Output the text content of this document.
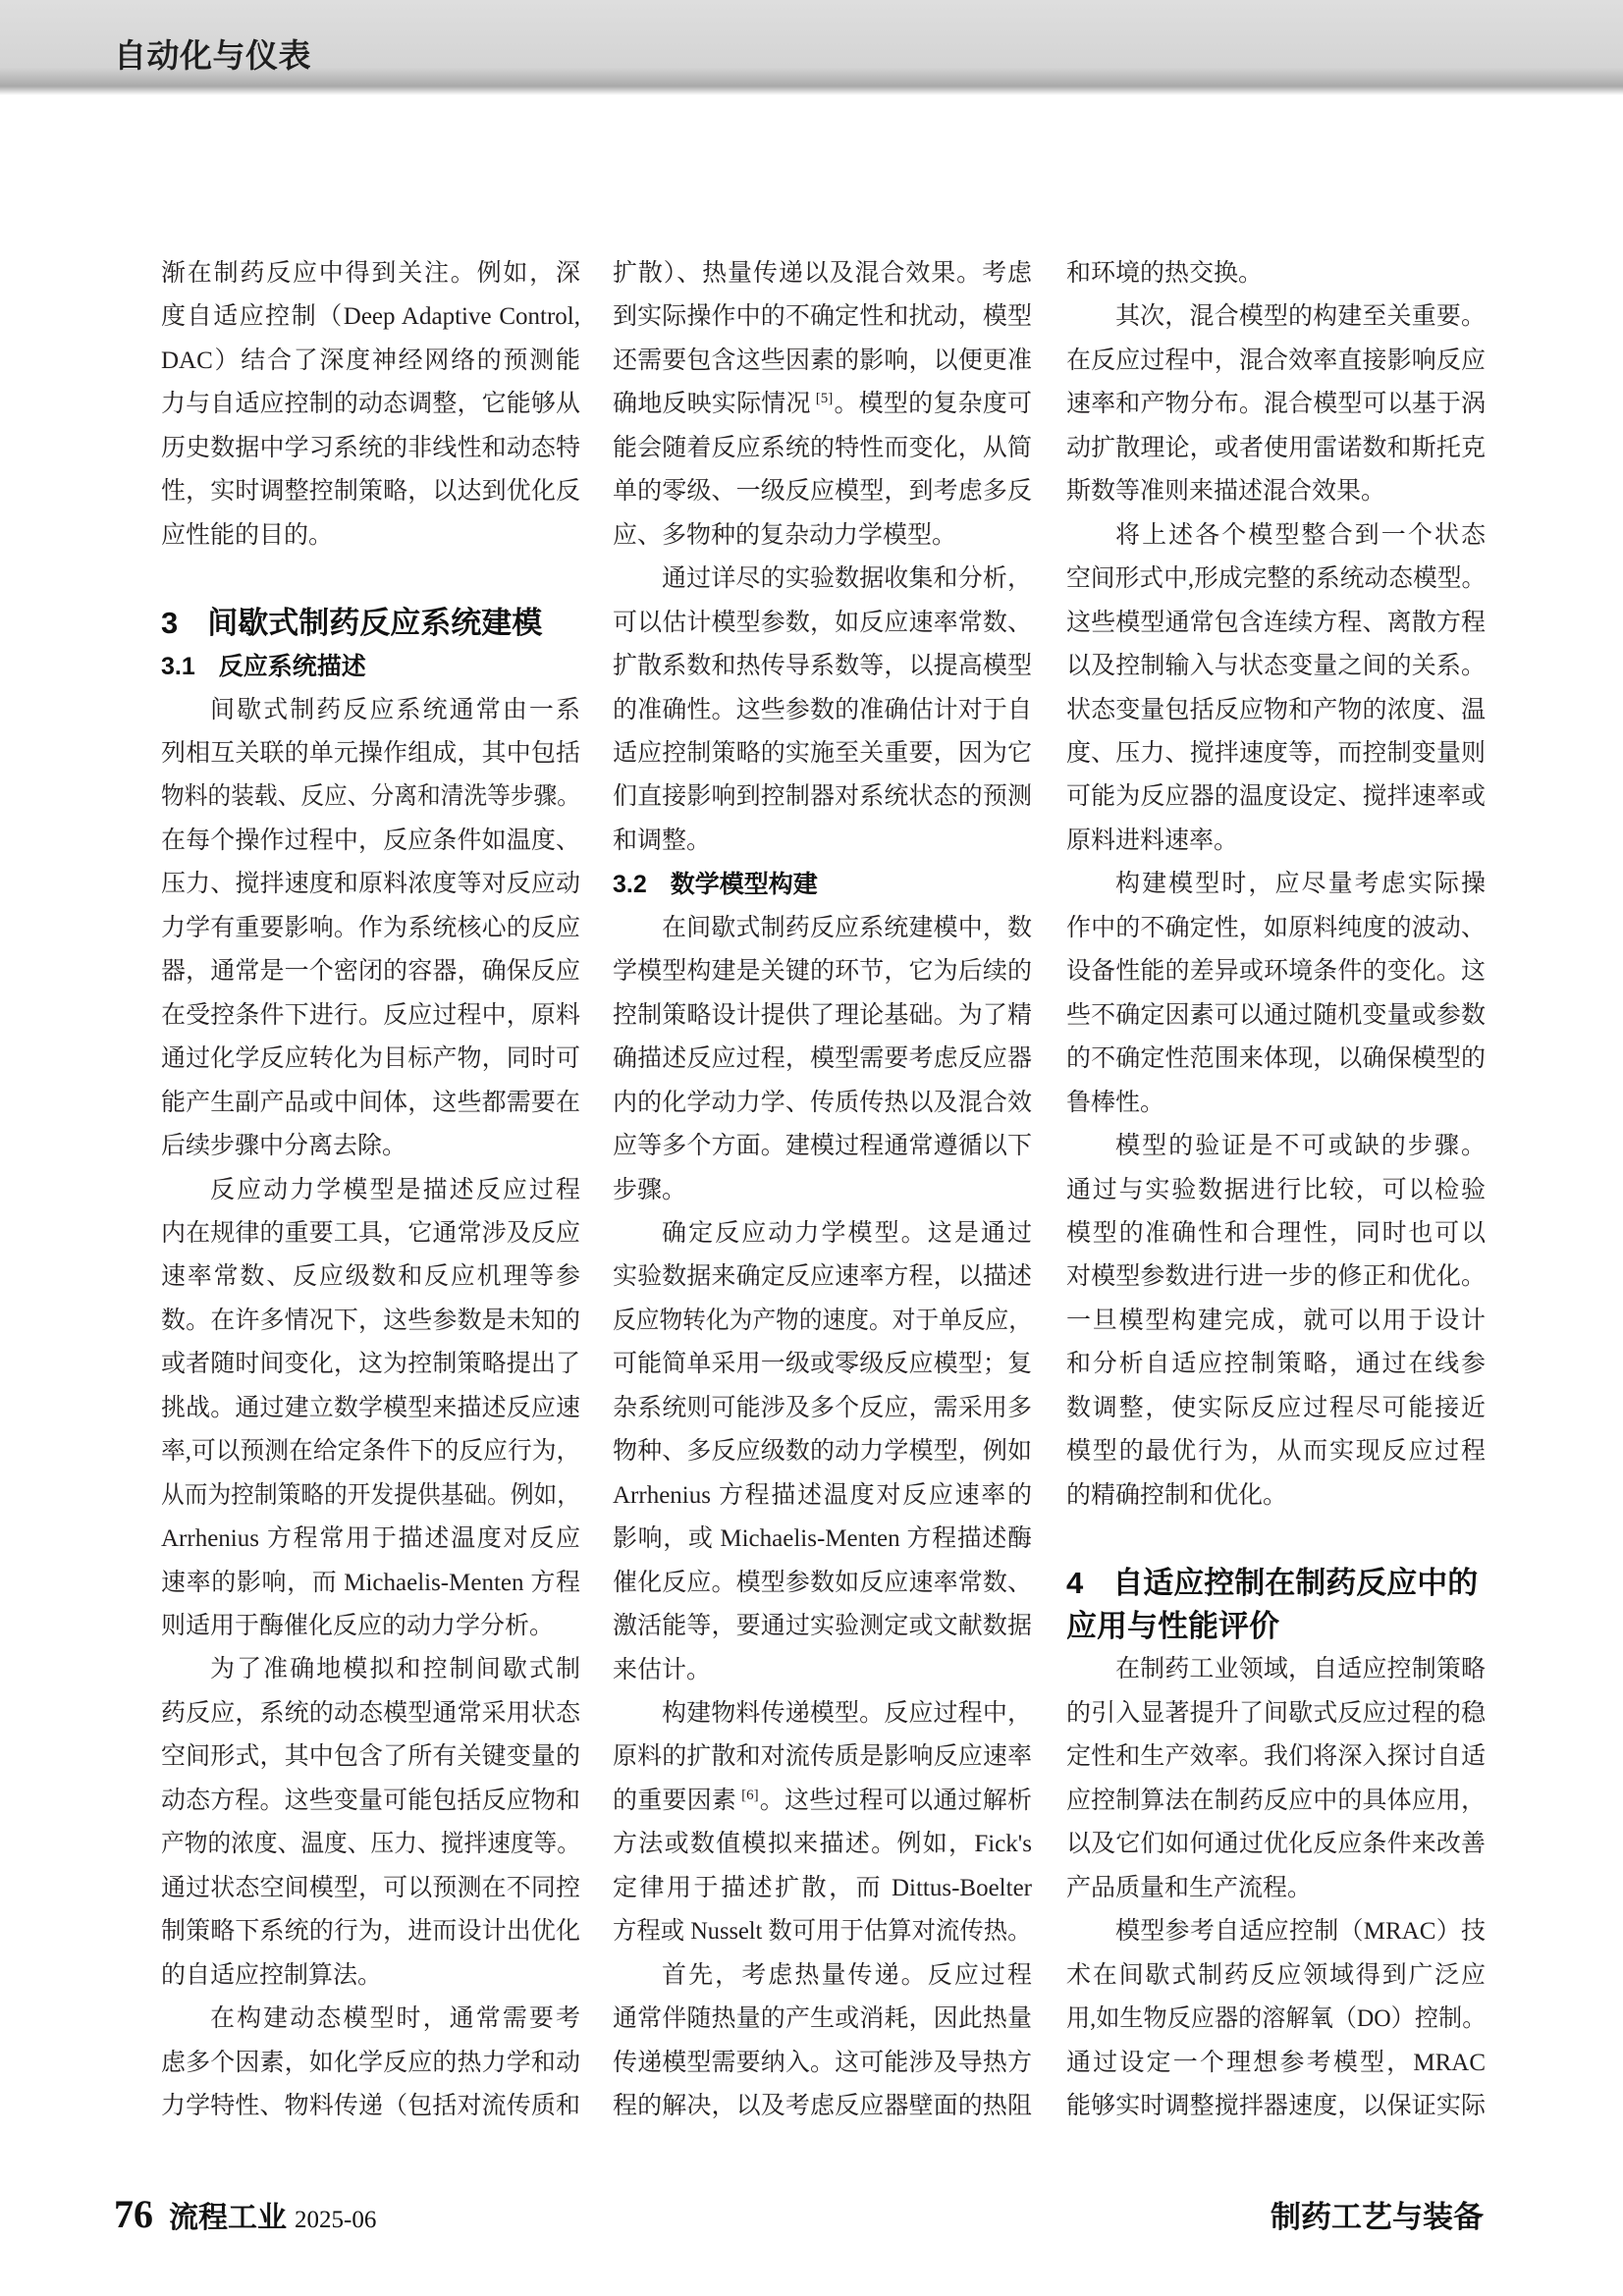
自动化与仪表
渐在制药反应中得到关注。例如，深
度自适应控制（Deep Adaptive Control,
DAC）结合了深度神经网络的预测能
力与自适应控制的动态调整，它能够从
历史数据中学习系统的非线性和动态特
性，实时调整控制策略，以达到优化反
应性能的目的。
3 间歇式制药反应系统建模
3.1 反应系统描述
间歇式制药反应系统通常由一系
列相互关联的单元操作组成，其中包括
物料的装载、反应、分离和清洗等步骤。
在每个操作过程中，反应条件如温度、
压力、搅拌速度和原料浓度等对反应动
力学有重要影响。作为系统核心的反应
器，通常是一个密闭的容器，确保反应
在受控条件下进行。反应过程中，原料
通过化学反应转化为目标产物，同时可
能产生副产品或中间体，这些都需要在
后续步骤中分离去除。
反应动力学模型是描述反应过程
内在规律的重要工具，它通常涉及反应
速率常数、反应级数和反应机理等参
数。在许多情况下，这些参数是未知的
或者随时间变化，这为控制策略提出了
挑战。通过建立数学模型来描述反应速
率,可以预测在给定条件下的反应行为，
从而为控制策略的开发提供基础。例如，
Arrhenius 方程常用于描述温度对反应
速率的影响，而 Michaelis-Menten 方程
则适用于酶催化反应的动力学分析。
为了准确地模拟和控制间歇式制
药反应，系统的动态模型通常采用状态
空间形式，其中包含了所有关键变量的
动态方程。这些变量可能包括反应物和
产物的浓度、温度、压力、搅拌速度等。
通过状态空间模型，可以预测在不同控
制策略下系统的行为，进而设计出优化
的自适应控制算法。
在构建动态模型时，通常需要考
虑多个因素，如化学反应的热力学和动
力学特性、物料传递（包括对流传质和
扩散）、热量传递以及混合效果。考虑
到实际操作中的不确定性和扰动，模型
还需要包含这些因素的影响，以便更准
确地反映实际情况 [5]。模型的复杂度可
能会随着反应系统的特性而变化，从简
单的零级、一级反应模型，到考虑多反
应、多物种的复杂动力学模型。
通过详尽的实验数据收集和分析，
可以估计模型参数，如反应速率常数、
扩散系数和热传导系数等，以提高模型
的准确性。这些参数的准确估计对于自
适应控制策略的实施至关重要，因为它
们直接影响到控制器对系统状态的预测
和调整。
3.2 数学模型构建
在间歇式制药反应系统建模中，数
学模型构建是关键的环节，它为后续的
控制策略设计提供了理论基础。为了精
确描述反应过程，模型需要考虑反应器
内的化学动力学、传质传热以及混合效
应等多个方面。建模过程通常遵循以下
步骤。
确定反应动力学模型。这是通过
实验数据来确定反应速率方程，以描述
反应物转化为产物的速度。对于单反应，
可能简单采用一级或零级反应模型；复
杂系统则可能涉及多个反应，需采用多
物种、多反应级数的动力学模型，例如
Arrhenius 方程描述温度对反应速率的
影响，或 Michaelis-Menten 方程描述酶
催化反应。模型参数如反应速率常数、
激活能等，要通过实验测定或文献数据
来估计。
构建物料传递模型。反应过程中，
原料的扩散和对流传质是影响反应速率
的重要因素 [6]。这些过程可以通过解析
方法或数值模拟来描述。例如，Fick's
定律用于描述扩散，而 Dittus-Boelter
方程或 Nusselt 数可用于估算对流传热。
首先，考虑热量传递。反应过程
通常伴随热量的产生或消耗，因此热量
传递模型需要纳入。这可能涉及导热方
程的解决，以及考虑反应器壁面的热阻
和环境的热交换。
其次，混合模型的构建至关重要。
在反应过程中，混合效率直接影响反应
速率和产物分布。混合模型可以基于涡
动扩散理论，或者使用雷诺数和斯托克
斯数等准则来描述混合效果。
将上述各个模型整合到一个状态
空间形式中,形成完整的系统动态模型。
这些模型通常包含连续方程、离散方程
以及控制输入与状态变量之间的关系。
状态变量包括反应物和产物的浓度、温
度、压力、搅拌速度等，而控制变量则
可能为反应器的温度设定、搅拌速率或
原料进料速率。
构建模型时，应尽量考虑实际操
作中的不确定性，如原料纯度的波动、
设备性能的差异或环境条件的变化。这
些不确定因素可以通过随机变量或参数
的不确定性范围来体现，以确保模型的
鲁棒性。
模型的验证是不可或缺的步骤。
通过与实验数据进行比较，可以检验
模型的准确性和合理性，同时也可以
对模型参数进行进一步的修正和优化。
一旦模型构建完成，就可以用于设计
和分析自适应控制策略，通过在线参
数调整，使实际反应过程尽可能接近
模型的最优行为，从而实现反应过程
的精确控制和优化。
4 自适应控制在制药反应中的
应用与性能评价
在制药工业领域，自适应控制策略
的引入显著提升了间歇式反应过程的稳
定性和生产效率。我们将深入探讨自适
应控制算法在制药反应中的具体应用，
以及它们如何通过优化反应条件来改善
产品质量和生产流程。
模型参考自适应控制（MRAC）技
术在间歇式制药反应领域得到广泛应
用,如生物反应器的溶解氧（DO）控制。
通过设定一个理想参考模型，MRAC
能够实时调整搅拌器速度，以保证实际
76 流程工业 2025-06	制药工艺与装备
